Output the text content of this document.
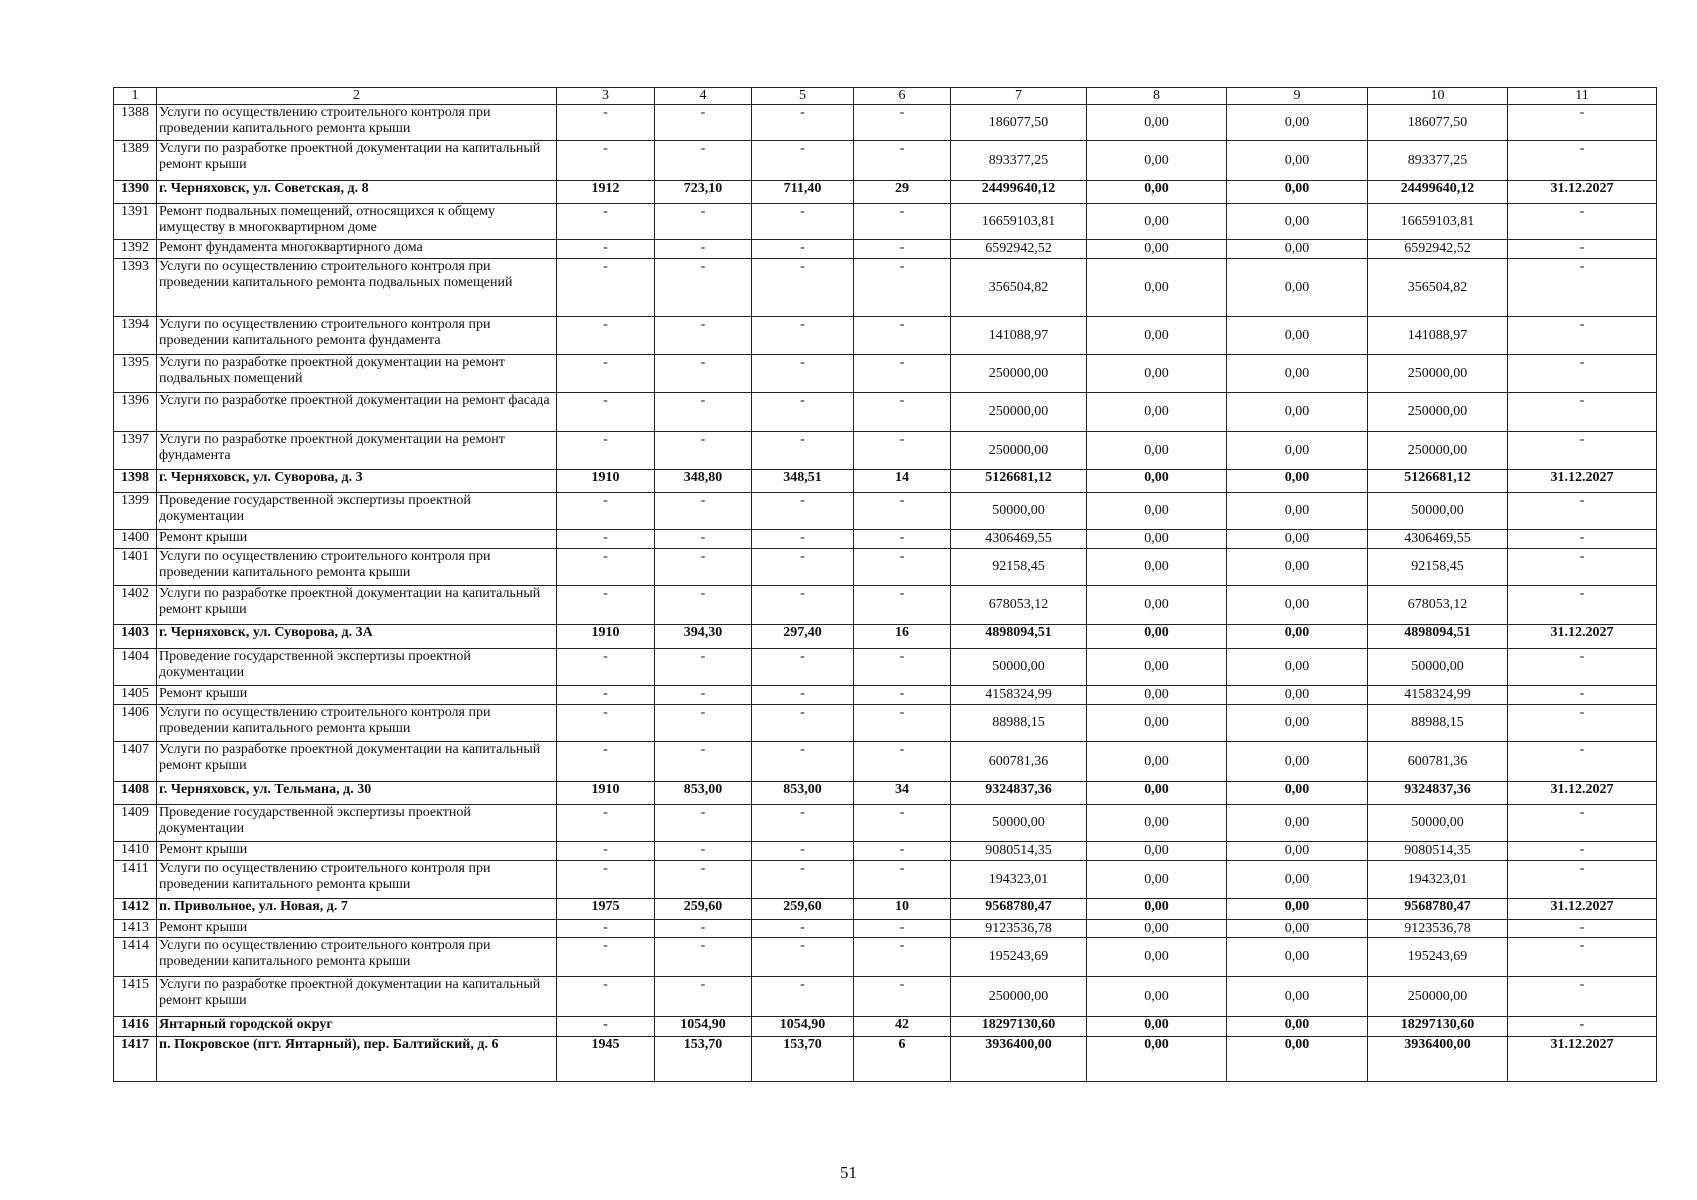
1	2	3	4	5	6	7	8	9	10	11
1388	Услуги по осуществлению строительного контроля при проведении капитального ремонта крыши	-	-	-	-	186077,50	0,00	0,00	186077,50	-
1389	Услуги по разработке проектной документации на капитальный ремонт крыши	-	-	-	-	893377,25	0,00	0,00	893377,25	-
1390	г. Черняховск, ул. Советская, д. 8	1912	723,10	711,40	29	24499640,12	0,00	0,00	24499640,12	31.12.2027
1391	Ремонт подвальных помещений, относящихся к общему имуществу в многоквартирном доме	-	-	-	-	16659103,81	0,00	0,00	16659103,81	-
1392	Ремонт фундамента многоквартирного дома	-	-	-	-	6592942,52	0,00	0,00	6592942,52	-
1393	Услуги по осуществлению строительного контроля при проведении капитального ремонта подвальных помещений	-	-	-	-	356504,82	0,00	0,00	356504,82	-
1394	Услуги по осуществлению строительного контроля при проведении капитального ремонта фундамента	-	-	-	-	141088,97	0,00	0,00	141088,97	-
1395	Услуги по разработке проектной документации на ремонт подвальных помещений	-	-	-	-	250000,00	0,00	0,00	250000,00	-
1396	Услуги по разработке проектной документации на ремонт фасада	-	-	-	-	250000,00	0,00	0,00	250000,00	-
1397	Услуги по разработке проектной документации на ремонт фундамента	-	-	-	-	250000,00	0,00	0,00	250000,00	-
1398	г. Черняховск, ул. Суворова, д. 3	1910	348,80	348,51	14	5126681,12	0,00	0,00	5126681,12	31.12.2027
1399	Проведение государственной экспертизы проектной документации	-	-	-	-	50000,00	0,00	0,00	50000,00	-
1400	Ремонт крыши	-	-	-	-	4306469,55	0,00	0,00	4306469,55	-
1401	Услуги по осуществлению строительного контроля при проведении капитального ремонта крыши	-	-	-	-	92158,45	0,00	0,00	92158,45	-
1402	Услуги по разработке проектной документации на капитальный ремонт крыши	-	-	-	-	678053,12	0,00	0,00	678053,12	-
1403	г. Черняховск, ул. Суворова, д. 3А	1910	394,30	297,40	16	4898094,51	0,00	0,00	4898094,51	31.12.2027
1404	Проведение государственной экспертизы проектной документации	-	-	-	-	50000,00	0,00	0,00	50000,00	-
1405	Ремонт крыши	-	-	-	-	4158324,99	0,00	0,00	4158324,99	-
1406	Услуги по осуществлению строительного контроля при проведении капитального ремонта крыши	-	-	-	-	88988,15	0,00	0,00	88988,15	-
1407	Услуги по разработке проектной документации на капитальный ремонт крыши	-	-	-	-	600781,36	0,00	0,00	600781,36	-
1408	г. Черняховск, ул. Тельмана, д. 30	1910	853,00	853,00	34	9324837,36	0,00	0,00	9324837,36	31.12.2027
1409	Проведение государственной экспертизы проектной документации	-	-	-	-	50000,00	0,00	0,00	50000,00	-
1410	Ремонт крыши	-	-	-	-	9080514,35	0,00	0,00	9080514,35	-
1411	Услуги по осуществлению строительного контроля при проведении капитального ремонта крыши	-	-	-	-	194323,01	0,00	0,00	194323,01	-
1412	п. Привольное, ул. Новая, д. 7	1975	259,60	259,60	10	9568780,47	0,00	0,00	9568780,47	31.12.2027
1413	Ремонт крыши	-	-	-	-	9123536,78	0,00	0,00	9123536,78	-
1414	Услуги по осуществлению строительного контроля при проведении капитального ремонта крыши	-	-	-	-	195243,69	0,00	0,00	195243,69	-
1415	Услуги по разработке проектной документации на капитальный ремонт крыши	-	-	-	-	250000,00	0,00	0,00	250000,00	-
1416	Янтарный городской округ	-	1054,90	1054,90	42	18297130,60	0,00	0,00	18297130,60	-
1417	п. Покровское (пгт. Янтарный), пер. Балтийский, д. 6	1945	153,70	153,70	6	3936400,00	0,00	0,00	3936400,00	31.12.2027
51
